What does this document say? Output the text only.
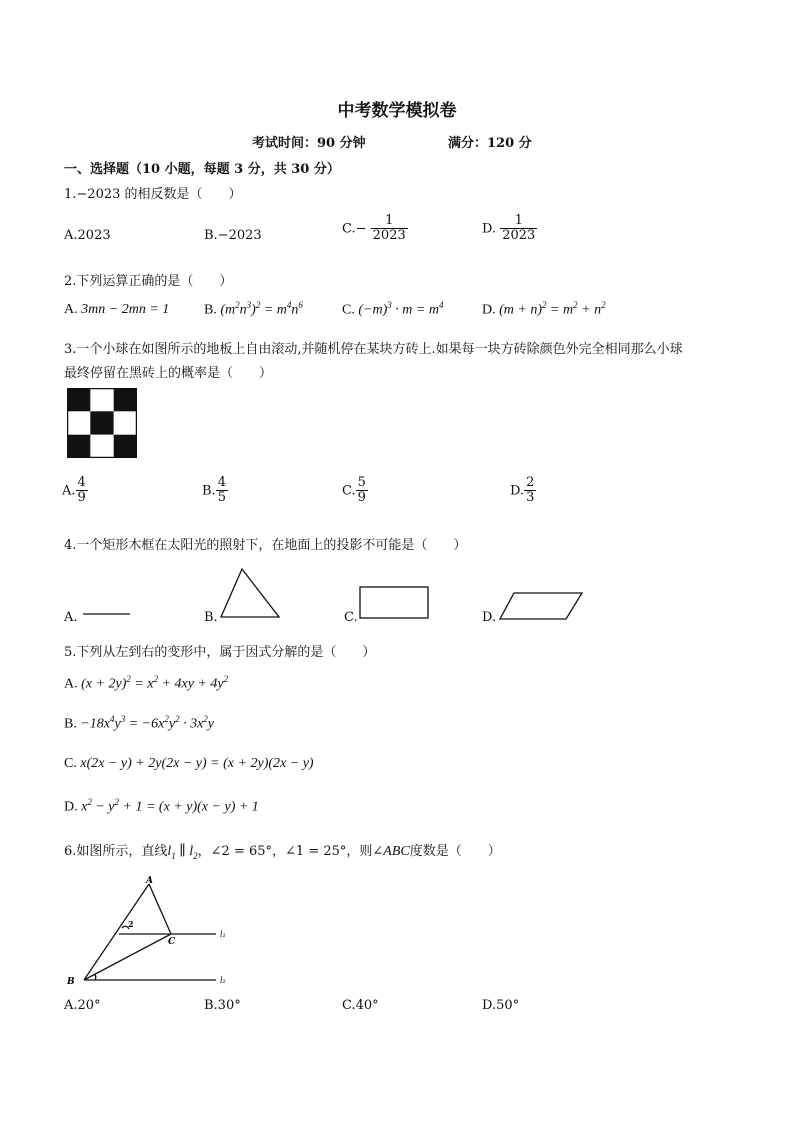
中考数学模拟卷
考试时间：90 分钟	满分：120 分
一、选择题（10 小题，每题 3 分，共 30 分）
1.−2023 的相反数是（　　）
A.2023	B.−2023	$C.- \frac{1}{2023}$	D. $\frac{1}{2023}$
2.下列运算正确的是（　　）
A. 3mn − 2mn = 1 B. $(m^2n^3)^2 = m^4n^6$	C. $(-m)^3 \cdot m = m^4$	D. $(m + n)^2 = m^2 + n^2$
3.一个小球在如图所示的地板上自由滚动,并随机停在某块方砖上.如果每一块方砖除颜色外完全相同那么小球
最终停留在黑砖上的概率是（　　）
A. $\frac{4}{9}$	B. $\frac{4}{5}$	C. $\frac{5}{9}$	D. $\frac{2}{3}$
4.一个矩形木框在太阳光的照射下，在地面上的投影不可能是（　　）
A.	B.	C.	D.
5.下列从左到右的变形中，属于因式分解的是（　　）
A. $(x + 2y)^2 = x^2 + 4xy + 4y^2$
B. $-18x^4y^3 = -6x^2y^2 \cdot 3x^2y$
C. x(2x − y) + 2y(2x − y) = (x + 2y)(2x − y)
D. $x^2 - y^2 + 1 = (x + y)(x - y) + 1$
6.如图所示，直线$l_1$ ∥ $l_2$，∠2 = 65°，∠1 = 25°，则∠ABC度数是（　　）
A
B
C
2
l₁
l₂
A.20°	B.30°	C.40°	D.50°
